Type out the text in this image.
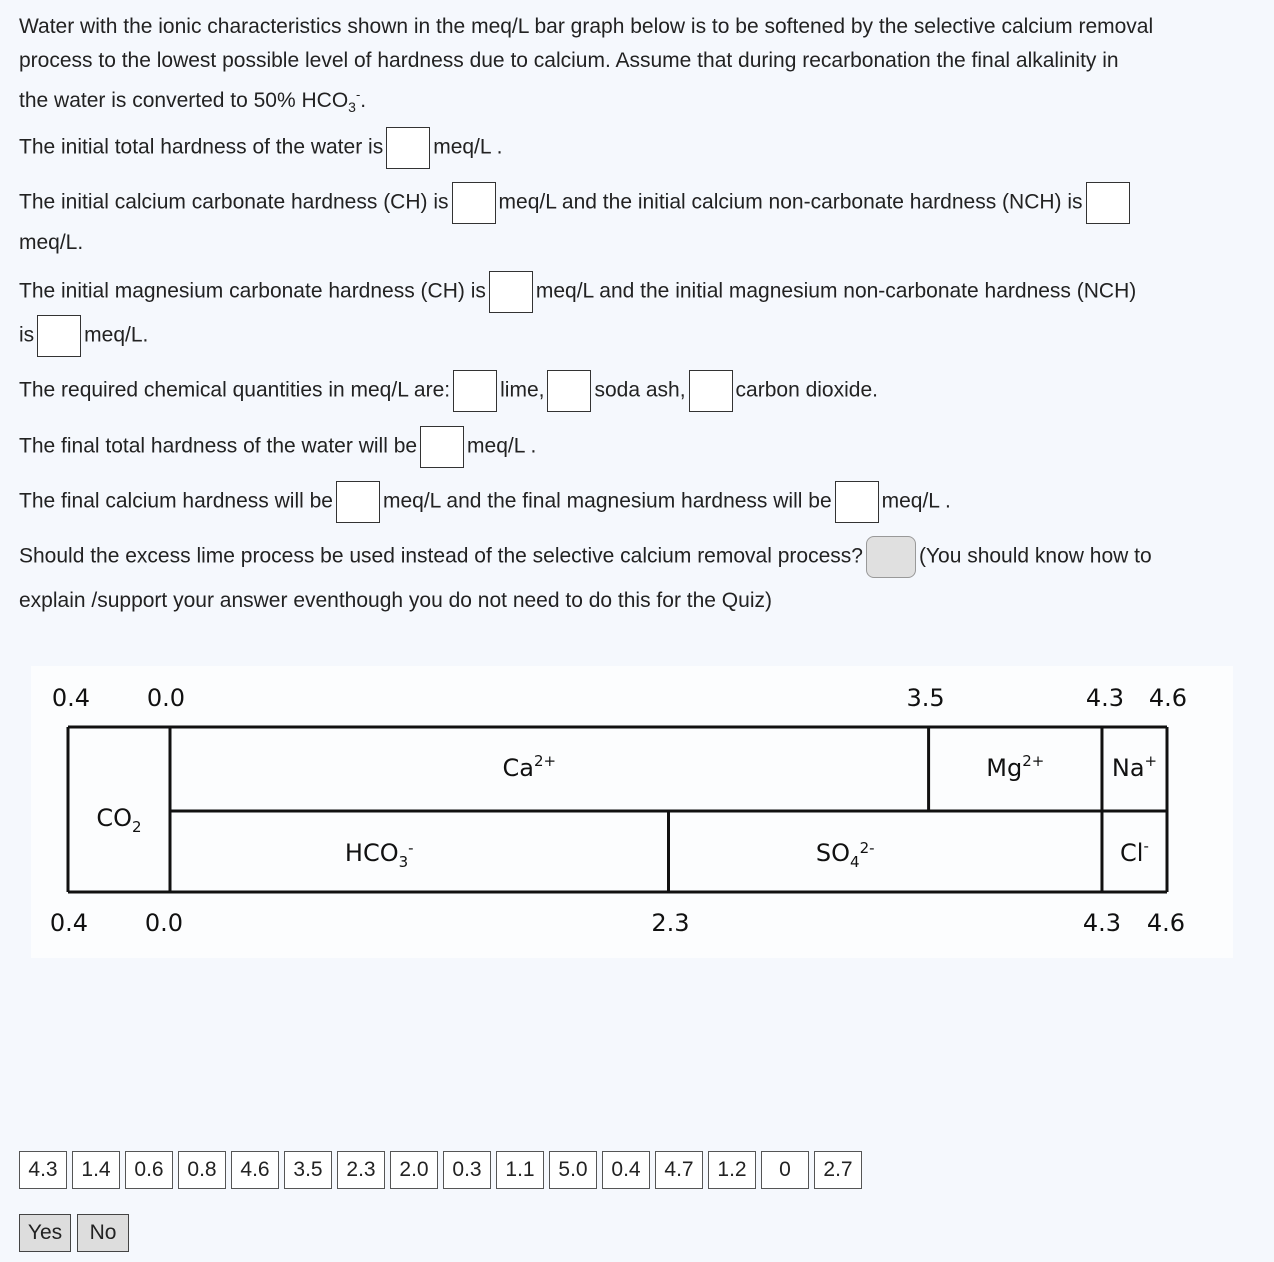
Water with the ionic characteristics shown in the meq/L bar graph below is to be softened by the selective calcium removal
process to the lowest possible level of hardness due to calcium. Assume that during recarbonation the final alkalinity in
the water is converted to 50% $HCO_3^-$.
The initial total hardness of the water is meq/L .
The initial calcium carbonate hardness (CH) is meq/L and the initial calcium non-carbonate hardness (NCH) is
meq/L.
The initial magnesium carbonate hardness (CH) is meq/L and the initial magnesium non-carbonate hardness (NCH)
is meq/L.
The required chemical quantities in meq/L are: lime, soda ash, carbon dioxide.
The final total hardness of the water will be meq/L .
The final calcium hardness will be meq/L and the final magnesium hardness will be meq/L .
Should the excess lime process be used instead of the selective calcium removal process?	(You should know how to
explain /support your answer eventhough you do not need to do this for the Quiz)
$CO_2$
$Ca^{2+}$	$Mg^{2+}$	Na+
$HCO_3^-$	$SO_4^{2-}$	Cl-
0.4 0.0	3.5	4.3 4.6
0.4 0.0	2.3	4.3 4.6
4.3	1.4	0.6	0.8	4.6	3.5	2.3	2.0	0.3	1.1	5.0	0.4	4.7	1.2	0	2.7
Yes	No
